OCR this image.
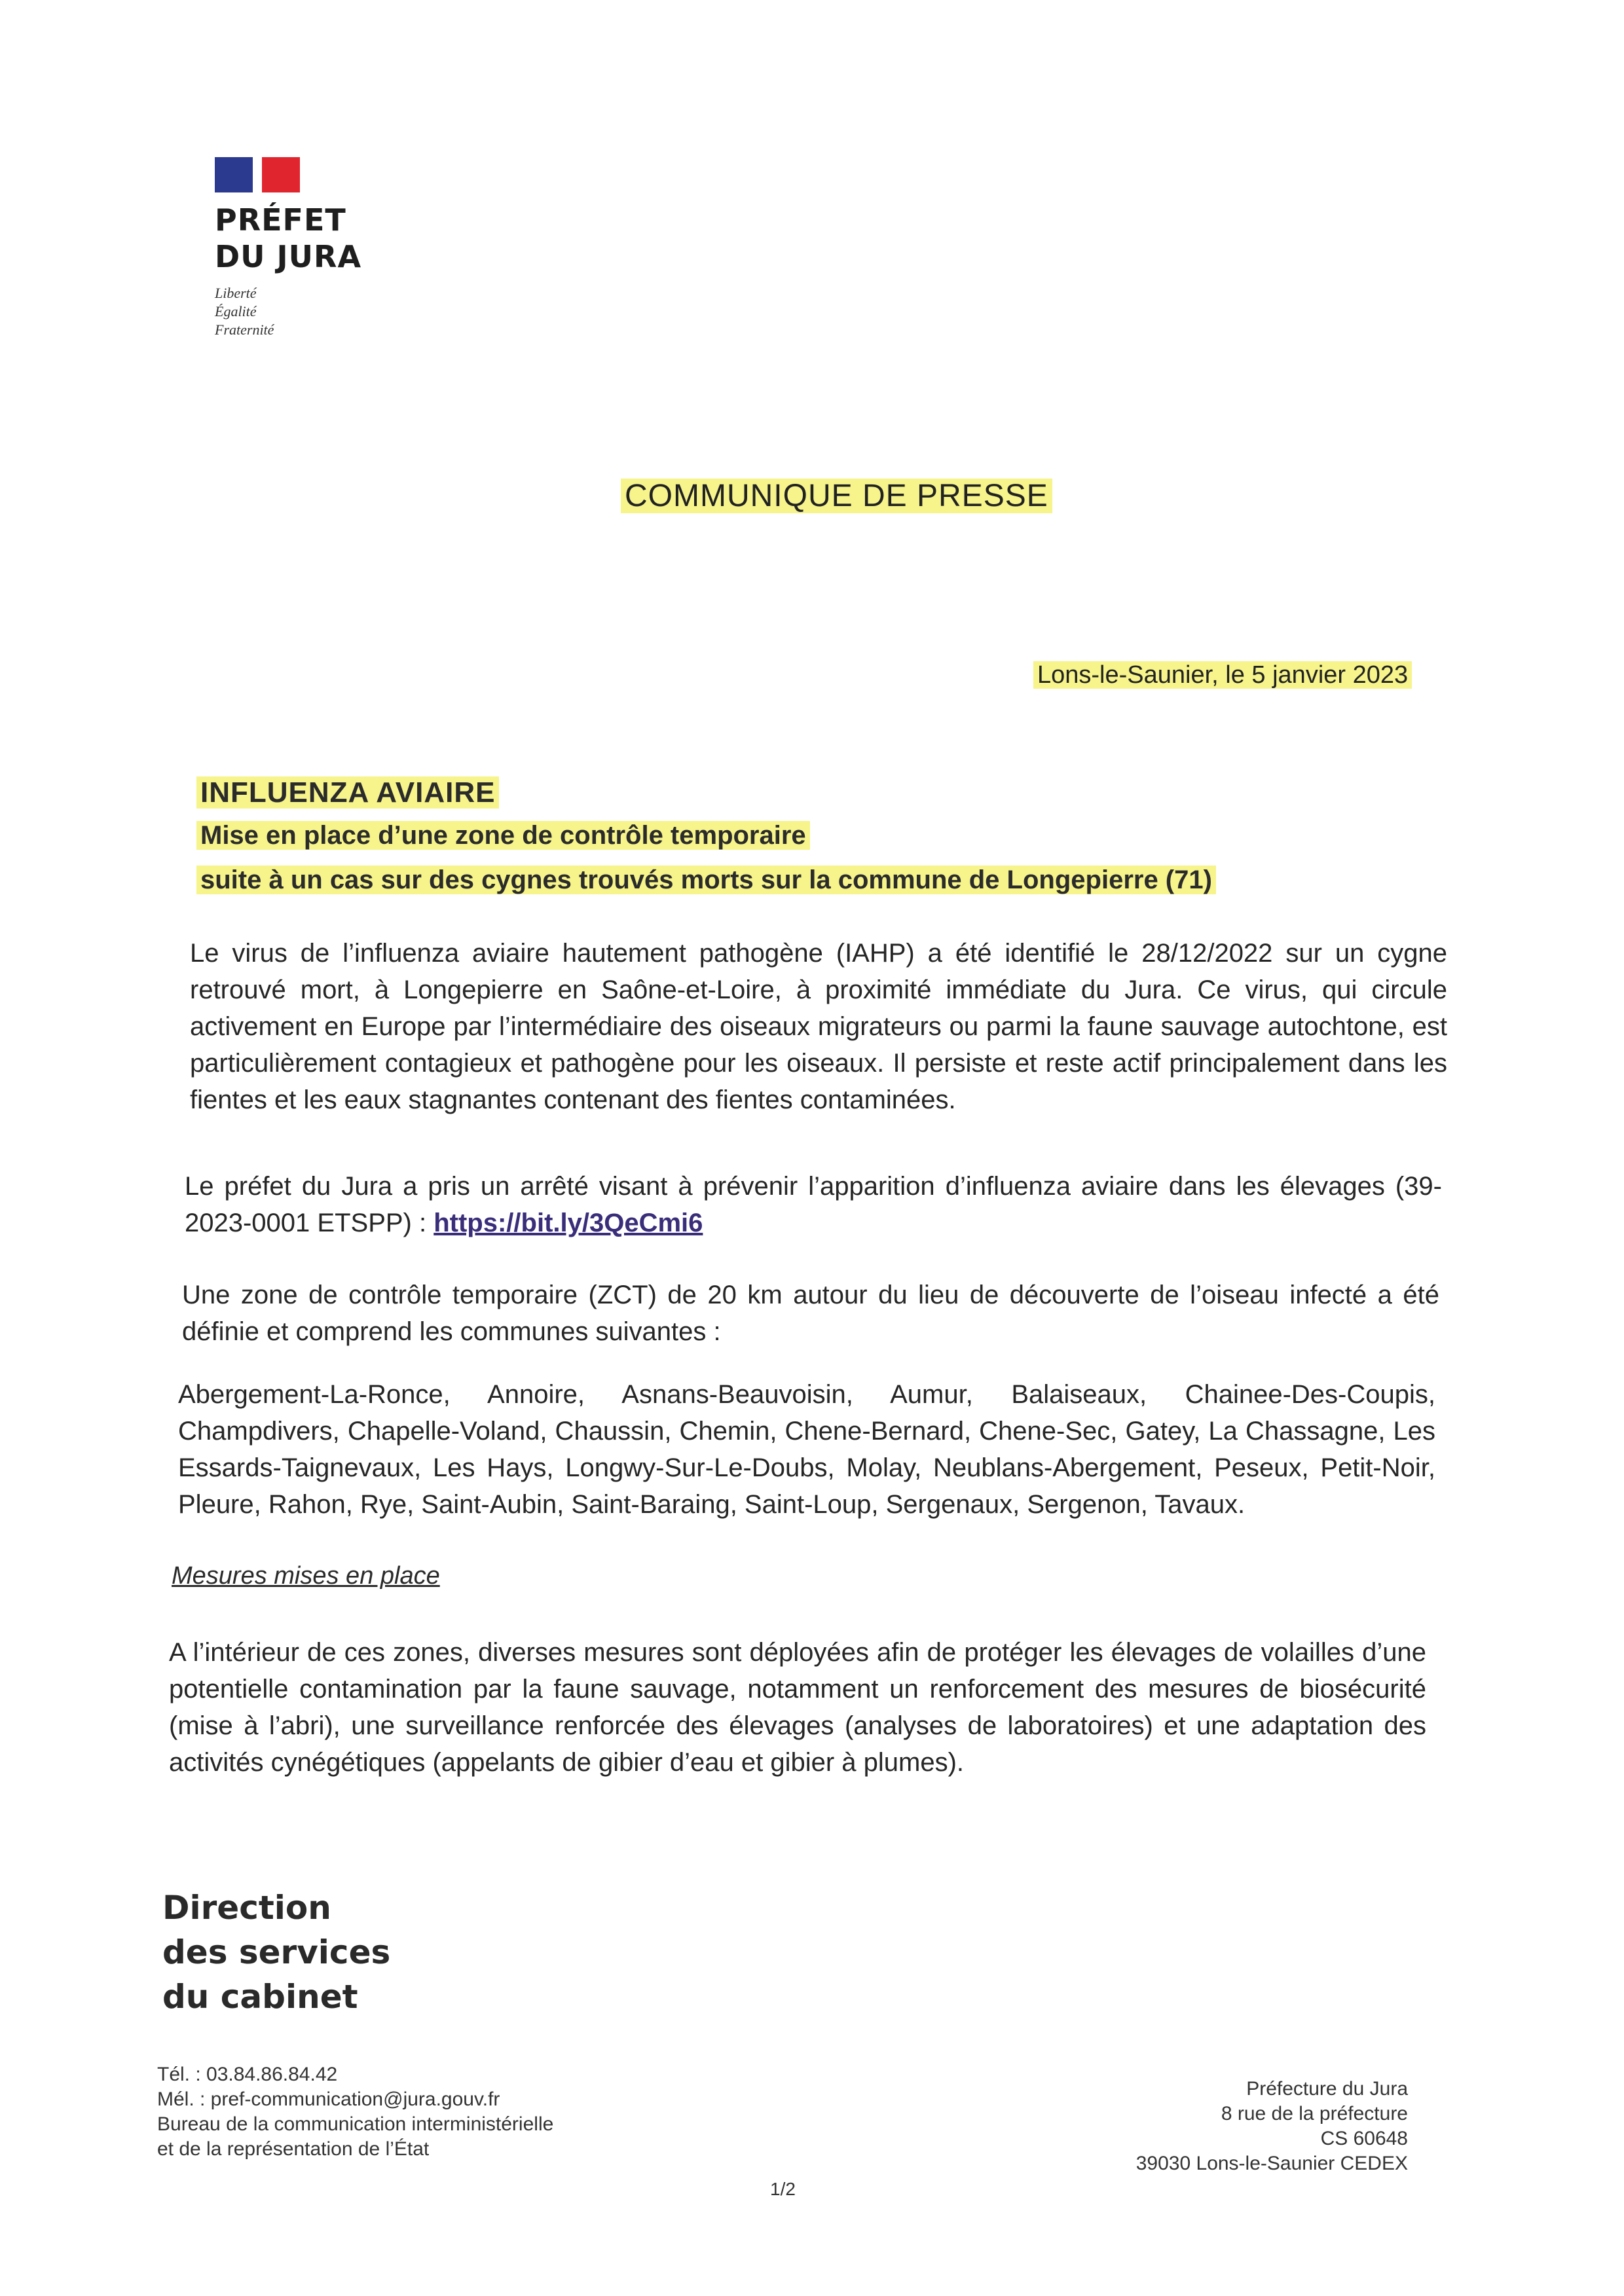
PRÉFET
DU JURA
Liberté
Égalité
Fraternité
COMMUNIQUE DE PRESSE
Lons-le-Saunier, le 5 janvier 2023
INFLUENZA AVIAIRE
Mise en place d’une zone de contrôle temporaire
suite à un cas sur des cygnes trouvés morts sur la commune de Longepierre (71)

Le virus de l’influenza aviaire hautement pathogène (IAHP) a été identifié le 28/12/2022 sur un cygne retrouvé mort, à Longepierre en Saône-et-Loire, à proximité immédiate du Jura. Ce virus, qui circule activement en Europe par l’intermédiaire des oiseaux migrateurs ou parmi la faune sauvage autochtone, est particulièrement contagieux et pathogène pour les oiseaux. Il persiste et reste actif principalement dans les fientes et les eaux stagnantes contenant des fientes contaminées.

Le préfet du Jura a pris un arrêté visant à prévenir l’apparition d’influenza aviaire dans les élevages (39-2023-0001 ETSPP) : https://bit.ly/3QeCmi6

Une zone de contrôle temporaire (ZCT) de 20 km autour du lieu de découverte de l’oiseau infecté a été définie et comprend les communes suivantes :

Abergement-La-Ronce, Annoire, Asnans-Beauvoisin, Aumur, Balaiseaux, Chainee-Des-Coupis, Champdivers, Chapelle-Voland, Chaussin, Chemin, Chene-Bernard, Chene-Sec, Gatey, La Chassagne, Les Essards-Taignevaux, Les Hays, Longwy-Sur-Le-Doubs, Molay, Neublans-Abergement, Peseux, Petit-Noir, Pleure, Rahon, Rye, Saint-Aubin, Saint-Baraing, Saint-Loup, Sergenaux, Sergenon, Tavaux.

Mesures mises en place

A l’intérieur de ces zones, diverses mesures sont déployées afin de protéger les élevages de volailles d’une potentielle contamination par la faune sauvage, notamment un renforcement des mesures de biosécurité (mise à l’abri), une surveillance renforcée des élevages (analyses de laboratoires) et une adaptation des activités cynégétiques (appelants de gibier d’eau et gibier à plumes).

Direction
des services
du cabinet
Tél. : 03.84.86.84.42
Mél. : pref-communication@jura.gouv.fr
Bureau de la communication interministérielle
et de la représentation de l’État
Préfecture du Jura
8 rue de la préfecture
CS 60648
39030 Lons-le-Saunier CEDEX
1/2
